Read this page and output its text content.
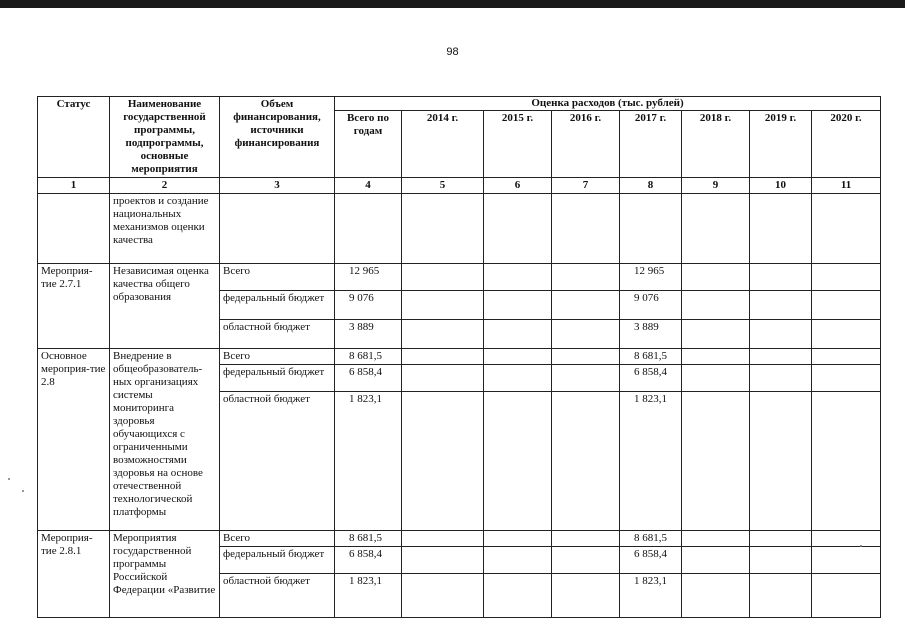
98
Статус	Наименование государственной программы, подпрограммы, основные мероприятия	Объем финансирования, источники финансирования	Оценка расходов (тыс. рублей)							
			Всего по годам	2014 г.	2015 г.	2016 г.	2017 г.	2018 г.	2019 г.	2020 г.
1	2	3	4	5	6	7	8	9	10	11
	проектов и создание национальных механизмов оценки качества									
Мероприя-тие 2.7.1	Независимая оценка качества общего образования	Всего	12 965				12 965			
		федеральный бюджет	9 076				9 076			
		областной бюджет	3 889				3 889			
Основное мероприя-тие 2.8	Внедрение в общеобразователь-ных организациях системы мониторинга здоровья обучающихся с ограниченными возможностями здоровья на основе отечественной технологической платформы	Всего	8 681,5				8 681,5			
		федеральный бюджет	6 858,4				6 858,4			
		областной бюджет	1 823,1				1 823,1			
Мероприя-тие 2.8.1	Мероприятия государственной программы Российской Федерации «Развитие	Всего	8 681,5				8 681,5			
		федеральный бюджет	6 858,4				6 858,4			
		областной бюджет	1 823,1				1 823,1			
